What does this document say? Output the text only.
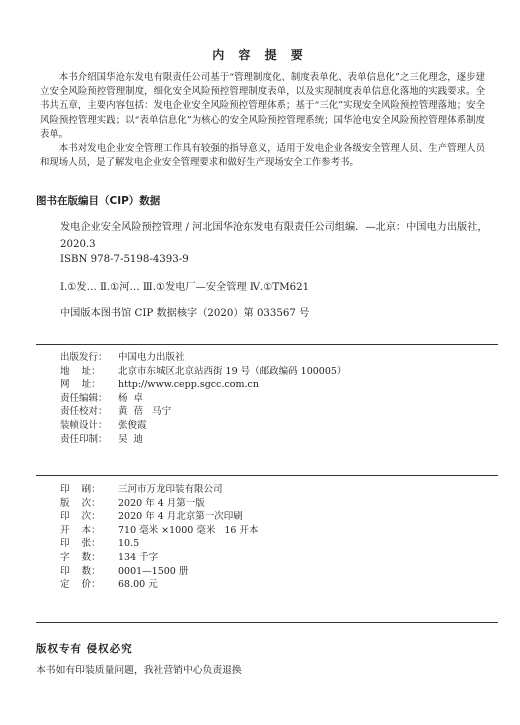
内 容 提 要

本书介绍国华沧东发电有限责任公司基于“管理制度化、制度表单化、表单信息化”之三化理念，逐步建立安全风险预控管理制度，细化安全风险预控管理制度表单，以及实现制度表单信息化落地的实践要求。全书共五章，主要内容包括：发电企业安全风险预控管理体系；基于“三化”实现安全风险预控管理落地；安全风险预控管理实践；以“表单信息化”为核心的安全风险预控管理系统；国华沧电安全风险预控管理体系制度表单。

本书对发电企业安全管理工作具有较强的指导意义，适用于发电企业各级安全管理人员、生产管理人员和现场人员，是了解发电企业安全管理要求和做好生产现场安全工作参考书。

图书在版编目（CIP）数据
发电企业安全风险预控管理 / 河北国华沧东发电有限责任公司组编．—北京：中国电力出版社，2020.3
ISBN 978-7-5198-4393-9
Ⅰ.①发… Ⅱ.①河… Ⅲ.①发电厂—安全管理 Ⅳ.①TM621
中国版本图书馆 CIP 数据核字（2020）第 033567 号
出版发行：	中国电力出版社
地    址：	北京市东城区北京站西街 19 号（邮政编码 100005）
网    址：	http://www.cepp.sgcc.com.cn
责任编辑：	杨  卓
责任校对：	黄  蓓   马宁
装帧设计：	张俊霞
责任印制：	吴  迪
印    刷：	三河市万龙印装有限公司
版    次：	2020 年 4 月第一版
印    次：	2020 年 4 月北京第一次印刷
开    本：	710 毫米 ×1000 毫米   16 开本
印    张：	10.5
字    数：	134 千字
印    数：	0001—1500 册
定    价：	68.00 元
版权专有 侵权必究
本书如有印装质量问题，我社营销中心负责退换
